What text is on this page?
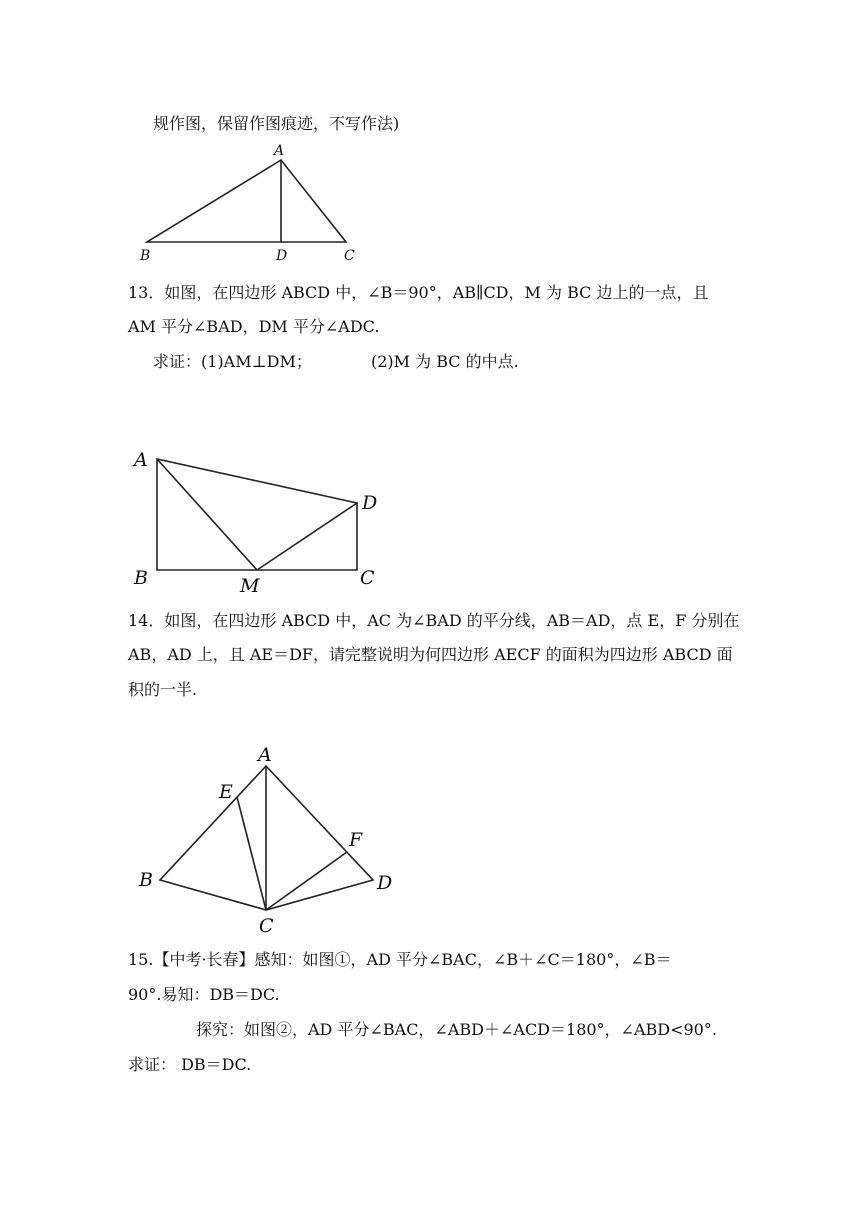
规作图，保留作图痕迹，不写作法)
13．如图，在四边形 ABCD 中，∠B＝90°，AB∥CD，M 为 BC 边上的一点，且
AM 平分∠BAD，DM 平分∠ADC.
求证：(1)AM⊥DM；	(2)M 为 BC 的中点.
14．如图，在四边形 ABCD 中，AC 为∠BAD 的平分线，AB＝AD，点 E，F 分别在
AB，AD 上，且 AE＝DF，请完整说明为何四边形 AECF 的面积为四边形 ABCD 面
积的一半.
15.【中考·长春】感知：如图①，AD 平分∠BAC，∠B＋∠C＝180°，∠B＝
90°.易知：DB＝DC.
探究：如图②，AD 平分∠BAC，∠ABD＋∠ACD＝180°，∠ABD<90°.
求证： DB＝DC.
A
B	D	C
A
D
B	M	C
A
E
F
B	D
C
